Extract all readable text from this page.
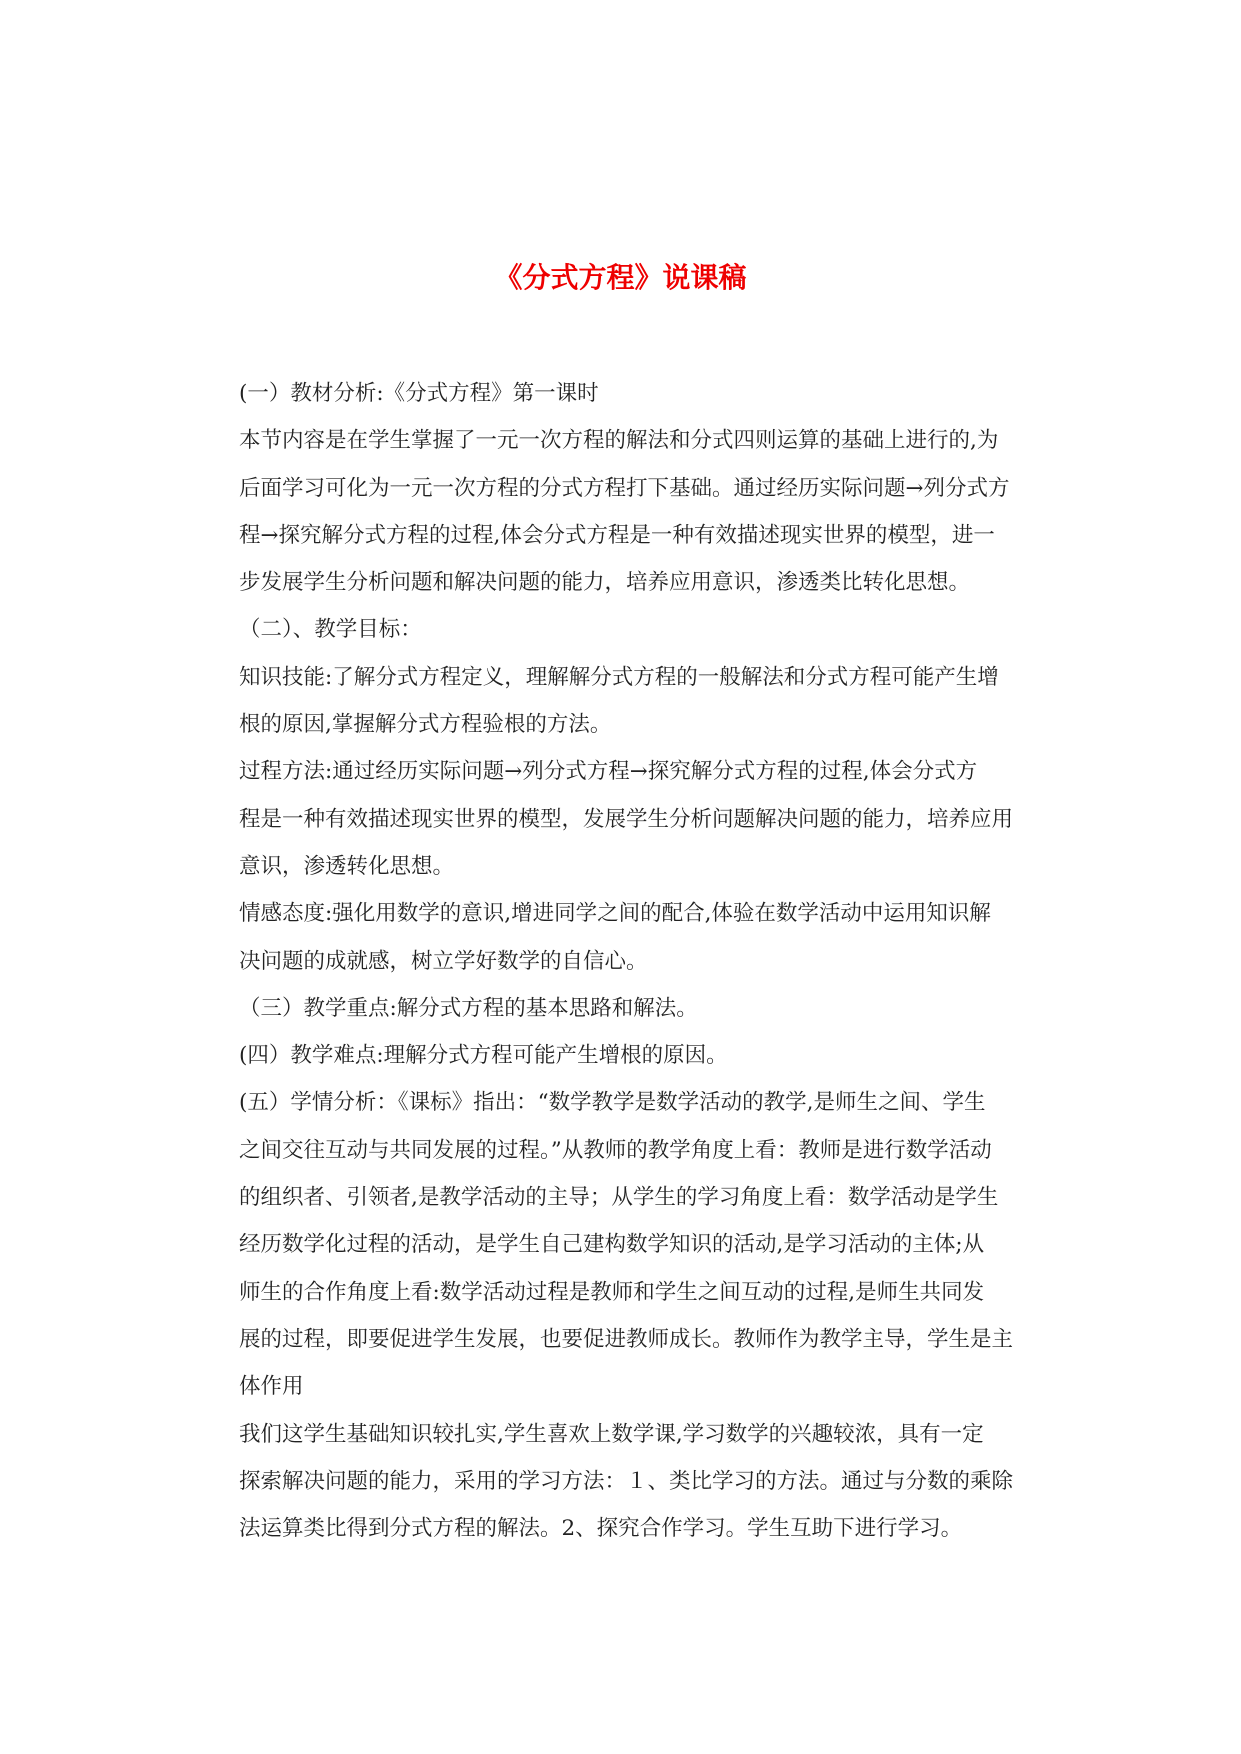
《分式方程》说课稿
(一）教材分析:《分式方程》第一课时
本节内容是在学生掌握了一元一次方程的解法和分式四则运算的基础上进行的,为
后面学习可化为一元一次方程的分式方程打下基础。通过经历实际问题→列分式方
程→探究解分式方程的过程,体会分式方程是一种有效描述现实世界的模型，进一
步发展学生分析问题和解决问题的能力，培养应用意识，渗透类比转化思想。
（二）、教学目标：
知识技能:了解分式方程定义，理解解分式方程的一般解法和分式方程可能产生增
根的原因,掌握解分式方程验根的方法。
过程方法:通过经历实际问题→列分式方程→探究解分式方程的过程,体会分式方
程是一种有效描述现实世界的模型，发展学生分析问题解决问题的能力，培养应用
意识，渗透转化思想。
情感态度:强化用数学的意识,增进同学之间的配合,体验在数学活动中运用知识解
决问题的成就感，树立学好数学的自信心。
（三）教学重点:解分式方程的基本思路和解法。
(四）教学难点:理解分式方程可能产生增根的原因。
(五）学情分析：《课标》指出：“数学教学是数学活动的教学,是师生之间、学生
之间交往互动与共同发展的过程。”从教师的教学角度上看：教师是进行数学活动
的组织者、引领者,是教学活动的主导；从学生的学习角度上看：数学活动是学生
经历数学化过程的活动，是学生自己建构数学知识的活动,是学习活动的主体;从
师生的合作角度上看:数学活动过程是教师和学生之间互动的过程,是师生共同发
展的过程，即要促进学生发展，也要促进教师成长。教师作为教学主导，学生是主
体作用
我们这学生基础知识较扎实,学生喜欢上数学课,学习数学的兴趣较浓，具有一定
探索解决问题的能力，采用的学习方法：１、类比学习的方法。通过与分数的乘除
法运算类比得到分式方程的解法。2、探究合作学习。学生互助下进行学习。
